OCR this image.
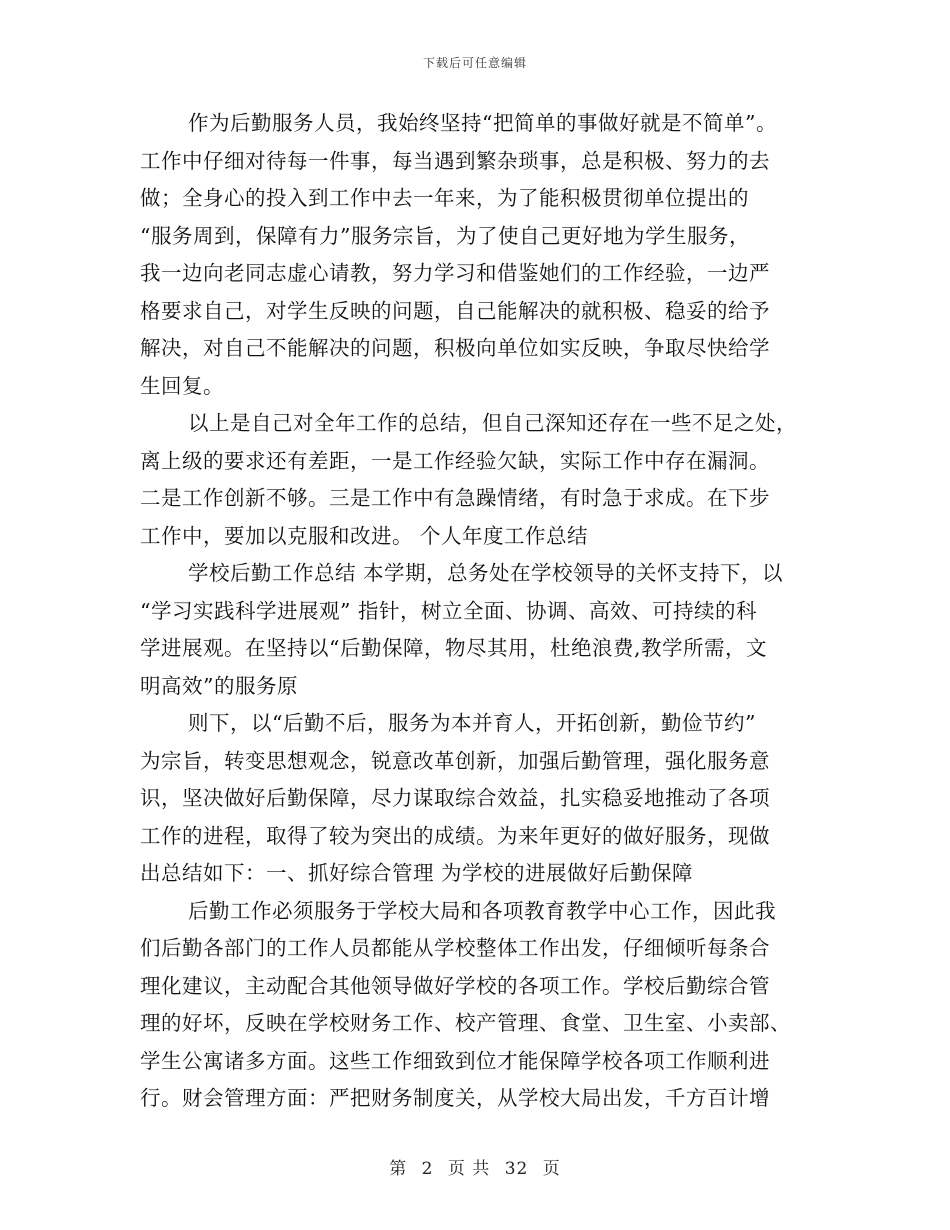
下载后可任意编辑
作为后勤服务人员，我始终坚持“把简单的事做好就是不简单”。
工作中仔细对待每一件事，每当遇到繁杂琐事，总是积极、努力的去
做；全身心的投入到工作中去一年来，为了能积极贯彻单位提出的
“服务周到，保障有力”服务宗旨，为了使自己更好地为学生服务，
我一边向老同志虚心请教，努力学习和借鉴她们的工作经验，一边严
格要求自己，对学生反映的问题，自己能解决的就积极、稳妥的给予
解决，对自己不能解决的问题，积极向单位如实反映，争取尽快给学
生回复。
以上是自己对全年工作的总结，但自己深知还存在一些不足之处，
离上级的要求还有差距，一是工作经验欠缺，实际工作中存在漏洞。
二是工作创新不够。三是工作中有急躁情绪，有时急于求成。在下步
工作中，要加以克服和改进。 个人年度工作总结
学校后勤工作总结 本学期，总务处在学校领导的关怀支持下，以
“学习实践科学进展观” 指针，树立全面、协调、高效、可持续的科
学进展观。在坚持以“后勤保障，物尽其用，杜绝浪费,教学所需，文
明高效”的服务原
则下，以“后勤不后，服务为本并育人，开拓创新，勤俭节约”
为宗旨，转变思想观念，锐意改革创新，加强后勤管理，强化服务意
识，坚决做好后勤保障，尽力谋取综合效益，扎实稳妥地推动了各项
工作的进程，取得了较为突出的成绩。为来年更好的做好服务，现做
出总结如下：一、抓好综合管理 为学校的进展做好后勤保障
后勤工作必须服务于学校大局和各项教育教学中心工作，因此我
们后勤各部门的工作人员都能从学校整体工作出发，仔细倾听每条合
理化建议，主动配合其他领导做好学校的各项工作。学校后勤综合管
理的好坏，反映在学校财务工作、校产管理、食堂、卫生室、小卖部、
学生公寓诸多方面。这些工作细致到位才能保障学校各项工作顺利进
行。财会管理方面：严把财务制度关，从学校大局出发，千方百计增
第 2 页 共 32 页
